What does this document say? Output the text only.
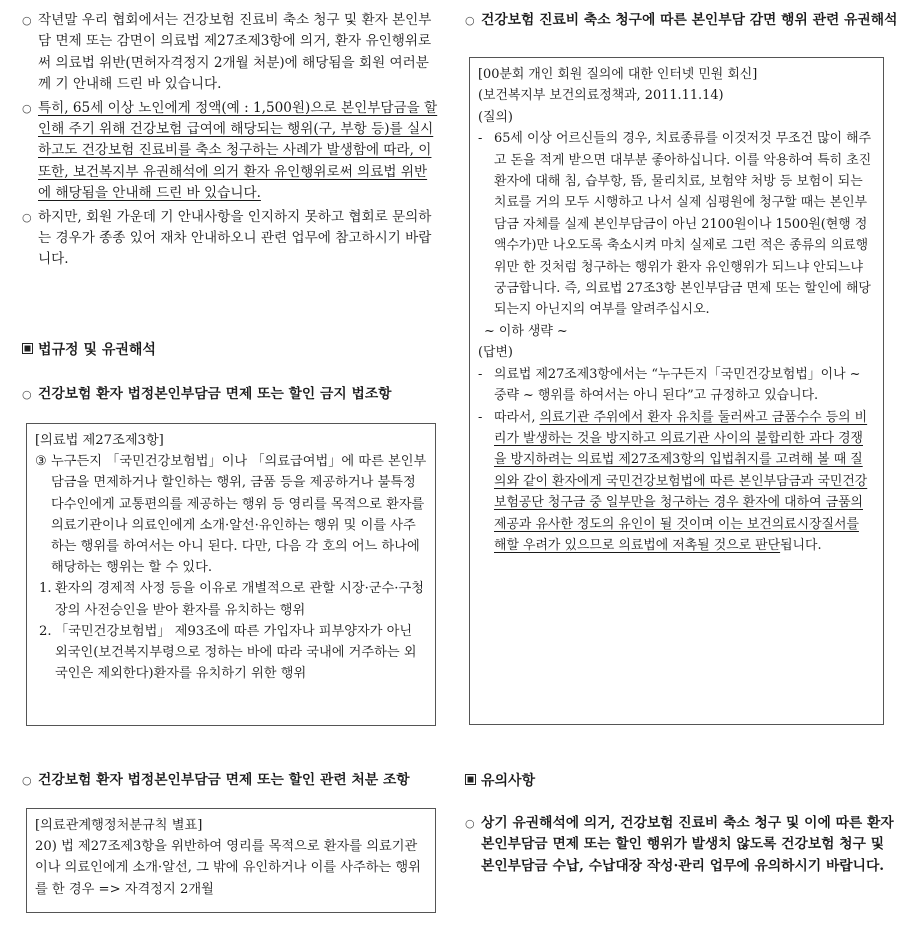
○ 작년말 우리 협회에서는 건강보험 진료비 축소 청구 및 환자 본인부담 면제 또는 감면이 의료법 제27조제3항에 의거, 환자 유인행위로써 의료법 위반(면허자격정지 2개월 처분)에 해당됨을 회원 여러분께 기 안내해 드린 바 있습니다.

○ 특히, 65세 이상 노인에게 정액(예 : 1,500원)으로 본인부담금을 할인해 주기 위해 건강보험 급여에 해당되는 행위(구, 부항 등)를 실시하고도 건강보험 진료비를 축소 청구하는 사례가 발생함에 따라, 이 또한, 보건복지부 유권해석에 의거 환자 유인행위로써 의료법 위반에 해당됨을 안내해 드린 바 있습니다.

○ 하지만, 회원 가운데 기 안내사항을 인지하지 못하고 협회로 문의하는 경우가 종종 있어 재차 안내하오니 관련 업무에 참고하시기 바랍니다.

법규정 및 유권해석

○ 건강보험 환자 법정본인부담금 면제 또는 할인 금지 법조항

[의료법 제27조제3항]

③ 누구든지 「국민건강보험법」이나 「의료급여법」에 따른 본인부담금을 면제하거나 할인하는 행위, 금품 등을 제공하거나 불특정 다수인에게 교통편의를 제공하는 행위 등 영리를 목적으로 환자를 의료기관이나 의료인에게 소개·알선·유인하는 행위 및 이를 사주하는 행위를 하여서는 아니 된다. 다만, 다음 각 호의 어느 하나에 해당하는 행위는 할 수 있다.
1. 환자의 경제적 사정 등을 이유로 개별적으로 관할 시장·군수·구청장의 사전승인을 받아 환자를 유치하는 행위
2. 「국민건강보험법」 제93조에 따른 가입자나 피부양자가 아닌 외국인(보건복지부령으로 정하는 바에 따라 국내에 거주하는 외국인은 제외한다)환자를 유치하기 위한 행위

○ 건강보험 환자 법정본인부담금 면제 또는 할인 관련 처분 조항

[의료관계행정처분규칙 별표]

20) 법 제27조제3항을 위반하여 영리를 목적으로 환자를 의료기관이나 의료인에게 소개·알선, 그 밖에 유인하거나 이를 사주하는 행위를 한 경우 => 자격정지 2개월

○ 건강보험 진료비 축소 청구에 따른 본인부담 감면 행위 관련 유권해석

[00분회 개인 회원 질의에 대한 인터넷 민원 회신]

(보건복지부 보건의료정책과, 2011.11.14)

(질의)

- 65세 이상 어르신들의 경우, 치료종류를 이것저것 무조건 많이 해주고 돈을 적게 받으면 대부분 좋아하십니다. 이를 악용하여 특히 초진환자에 대해 침, 습부항, 뜸, 물리치료, 보험약 처방 등 보험이 되는 치료를 거의 모두 시행하고 나서 실제 심평원에 청구할 때는 본인부담금 자체를 실제 본인부담금이 아닌 2100원이나 1500원(현행 정액수가)만 나오도록 축소시켜 마치 실제로 그런 적은 종류의 의료행위만 한 것처럼 청구하는 행위가 환자 유인행위가 되느냐 안되느냐 궁금합니다. 즉, 의료법 27조3항 본인부담금 면제 또는 할인에 해당되는지 아닌지의 여부를 알려주십시오.

~ 이하 생략 ~

(답변)

- 의료법 제27조제3항에서는 “누구든지「국민건강보험법」이나 ~ 중략 ~ 행위를 하여서는 아니 된다”고 규정하고 있습니다.
- 따라서, 의료기관 주위에서 환자 유치를 둘러싸고 금품수수 등의 비리가 발생하는 것을 방지하고 의료기관 사이의 불합리한 과다 경쟁을 방지하려는 의료법 제27조제3항의 입법취지를 고려해 볼 때 질의와 같이 환자에게 국민건강보험법에 따른 본인부담금과 국민건강보험공단 청구금 중 일부만을 청구하는 경우 환자에 대하여 금품의 제공과 유사한 정도의 유인이 될 것이며 이는 보건의료시장질서를 해할 우려가 있으므로 의료법에 저촉될 것으로 판단됩니다.

유의사항

○ 상기 유권해석에 의거, 건강보험 진료비 축소 청구 및 이에 따른 환자 본인부담금 면제 또는 할인 행위가 발생치 않도록 건강보험 청구 및 본인부담금 수납, 수납대장 작성·관리 업무에 유의하시기 바랍니다.
